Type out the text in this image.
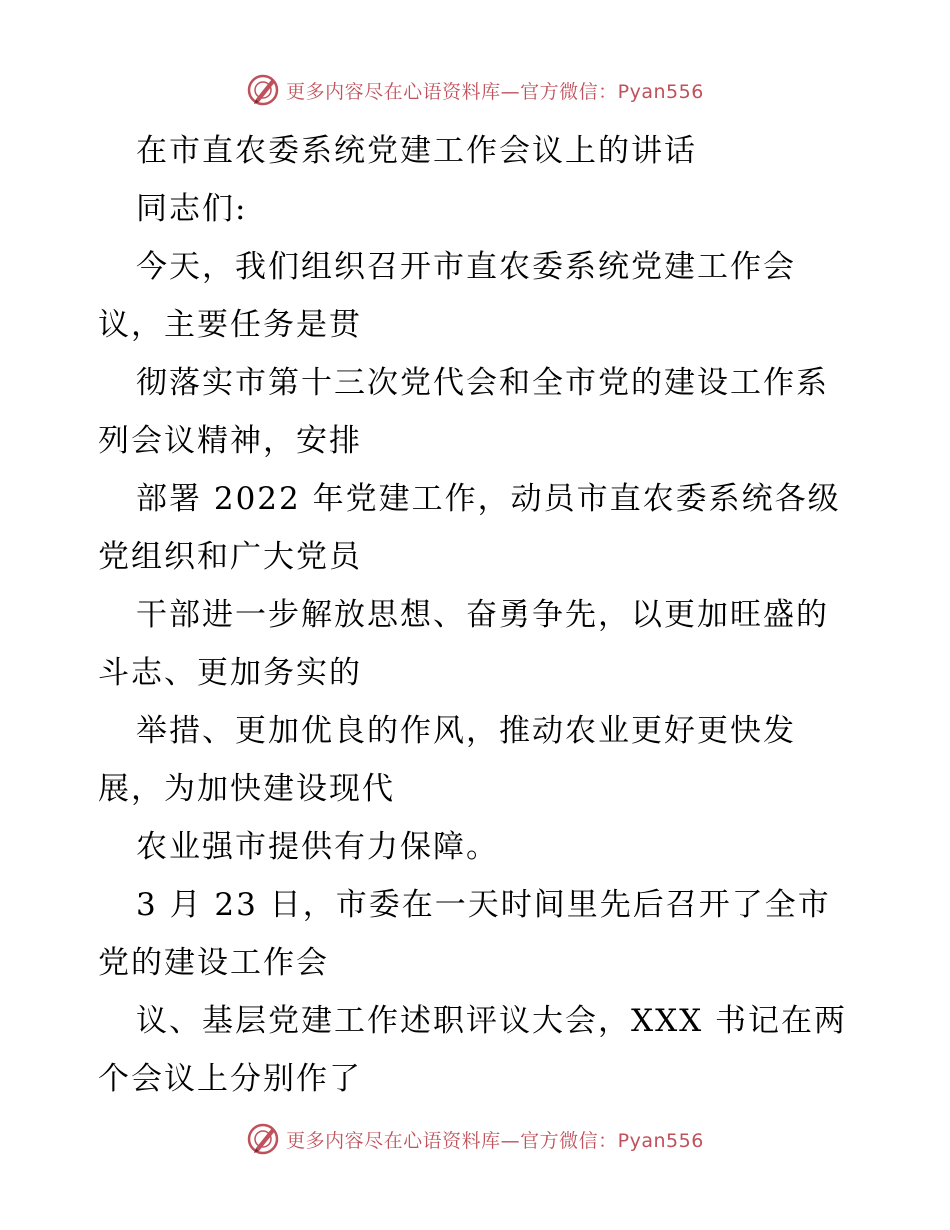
更多内容尽在心语资料库—官方微信：Pyan556
在市直农委系统党建工作会议上的讲话
同志们:
今天，我们组织召开市直农委系统党建工作会
议，主要任务是贯
彻落实市第十三次党代会和全市党的建设工作系
列会议精神，安排
部署 2022 年党建工作，动员市直农委系统各级
党组织和广大党员
干部进一步解放思想、奋勇争先，以更加旺盛的
斗志、更加务实的
举措、更加优良的作风，推动农业更好更快发
展，为加快建设现代
农业强市提供有力保障。
3 月 23 日，市委在一天时间里先后召开了全市
党的建设工作会
议、基层党建工作述职评议大会，XXX 书记在两
个会议上分别作了
更多内容尽在心语资料库—官方微信：Pyan556
